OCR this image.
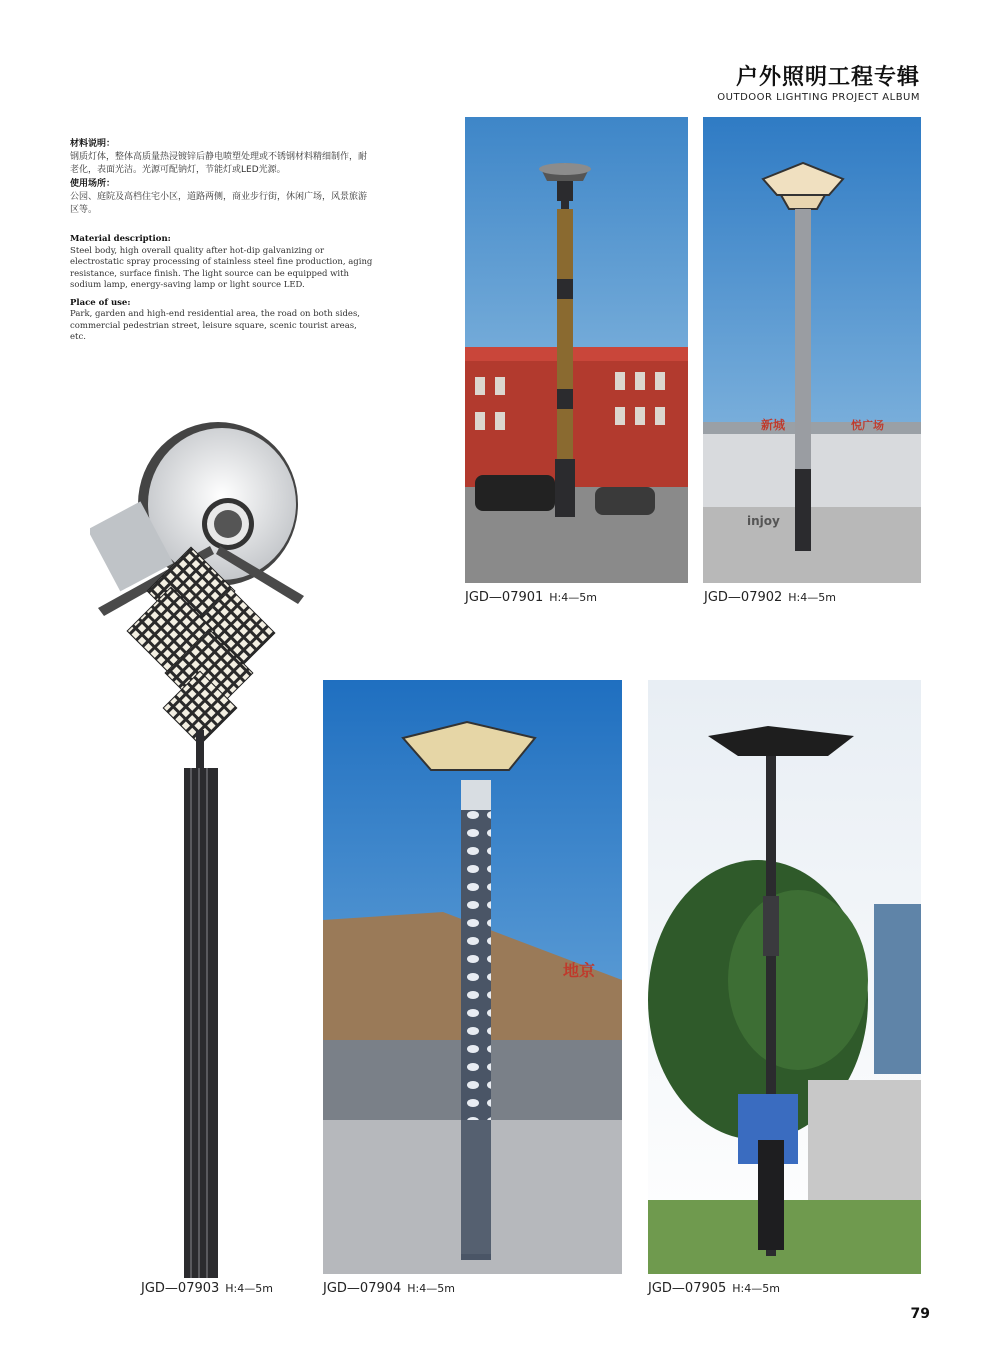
户外照明工程专辑
OUTDOOR LIGHTING PROJECT ALBUM
材料说明：
钢质灯体，整体高质量热浸镀锌后静电喷塑处理或不锈钢材料精细制作，耐老化，表面光洁。光源可配钠灯，节能灯或LED光源。
使用场所：
公园、庭院及高档住宅小区，道路两侧，商业步行街，休闲广场，风景旅游区等。
Material description:
Steel body, high overall quality after hot-dip galvanizing or electrostatic spray processing of stainless steel fine production, aging resistance, surface finish. The light source can be equipped with sodium lamp, energy-saving lamp or light source LED.
Place of use:
Park, garden and high-end residential area, the road on both sides, commercial pedestrian street, leisure square, scenic tourist areas, etc.
新城	悦广场
injoy
地京
JGD—07901 H:4—5m	JGD—07902 H:4—5m
JGD—07903 H:4—5m	JGD—07904 H:4—5m	JGD—07905 H:4—5m
79
